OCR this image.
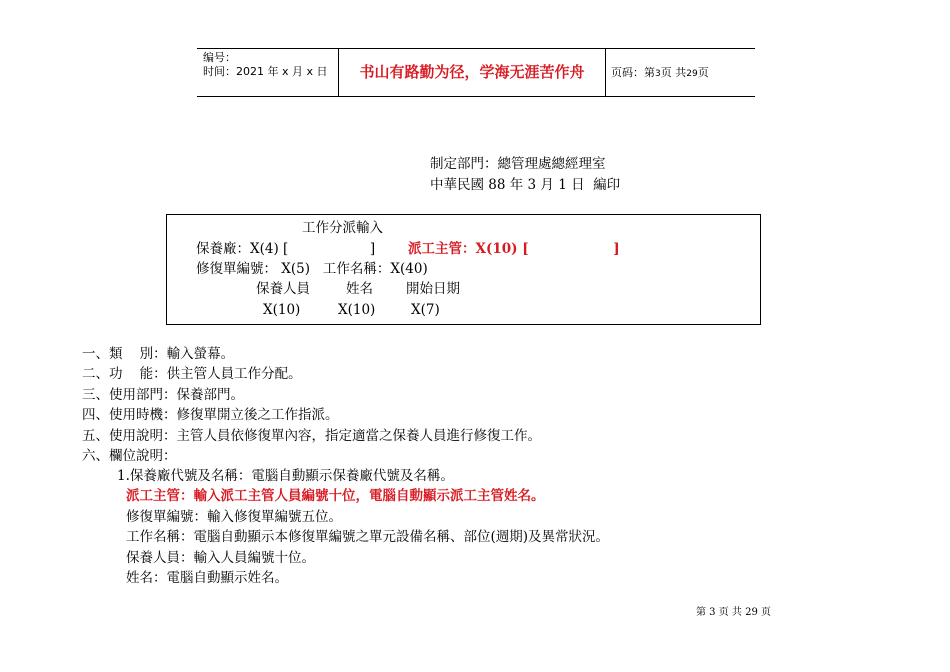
编号：
时间：2021 年 x 月 x 日	书山有路勤为径，学海无涯苦作舟	页码：第3页 共29页
制定部門：總管理處總經理室
中華民國 88 年 3 月 1 日  編印
工作分派輸入
保養廠：X(4) [                   ] 派工主管：X(10) [                  ]
修復單編號： X(5)   工作名稱：X(40)
保養人員	姓名 開始日期
X(10)	X(10)	X(7)
一、類    別：輸入螢幕。
二、功    能：供主管人員工作分配。
三、使用部門：保養部門。
四、使用時機：修復單開立後之工作指派。
五、使用說明：主管人員依修復單內容，指定適當之保養人員進行修復工作。
六、欄位說明：
1.保養廠代號及名稱：電腦自動顯示保養廠代號及名稱。
派工主管：輸入派工主管人員編號十位，電腦自動顯示派工主管姓名。
修復單編號：輸入修復單編號五位。
工作名稱：電腦自動顯示本修復單編號之單元設備名稱、部位(週期)及異常狀況。
保養人員：輸入人員編號十位。
姓名：電腦自動顯示姓名。
第 3 页 共 29 页
